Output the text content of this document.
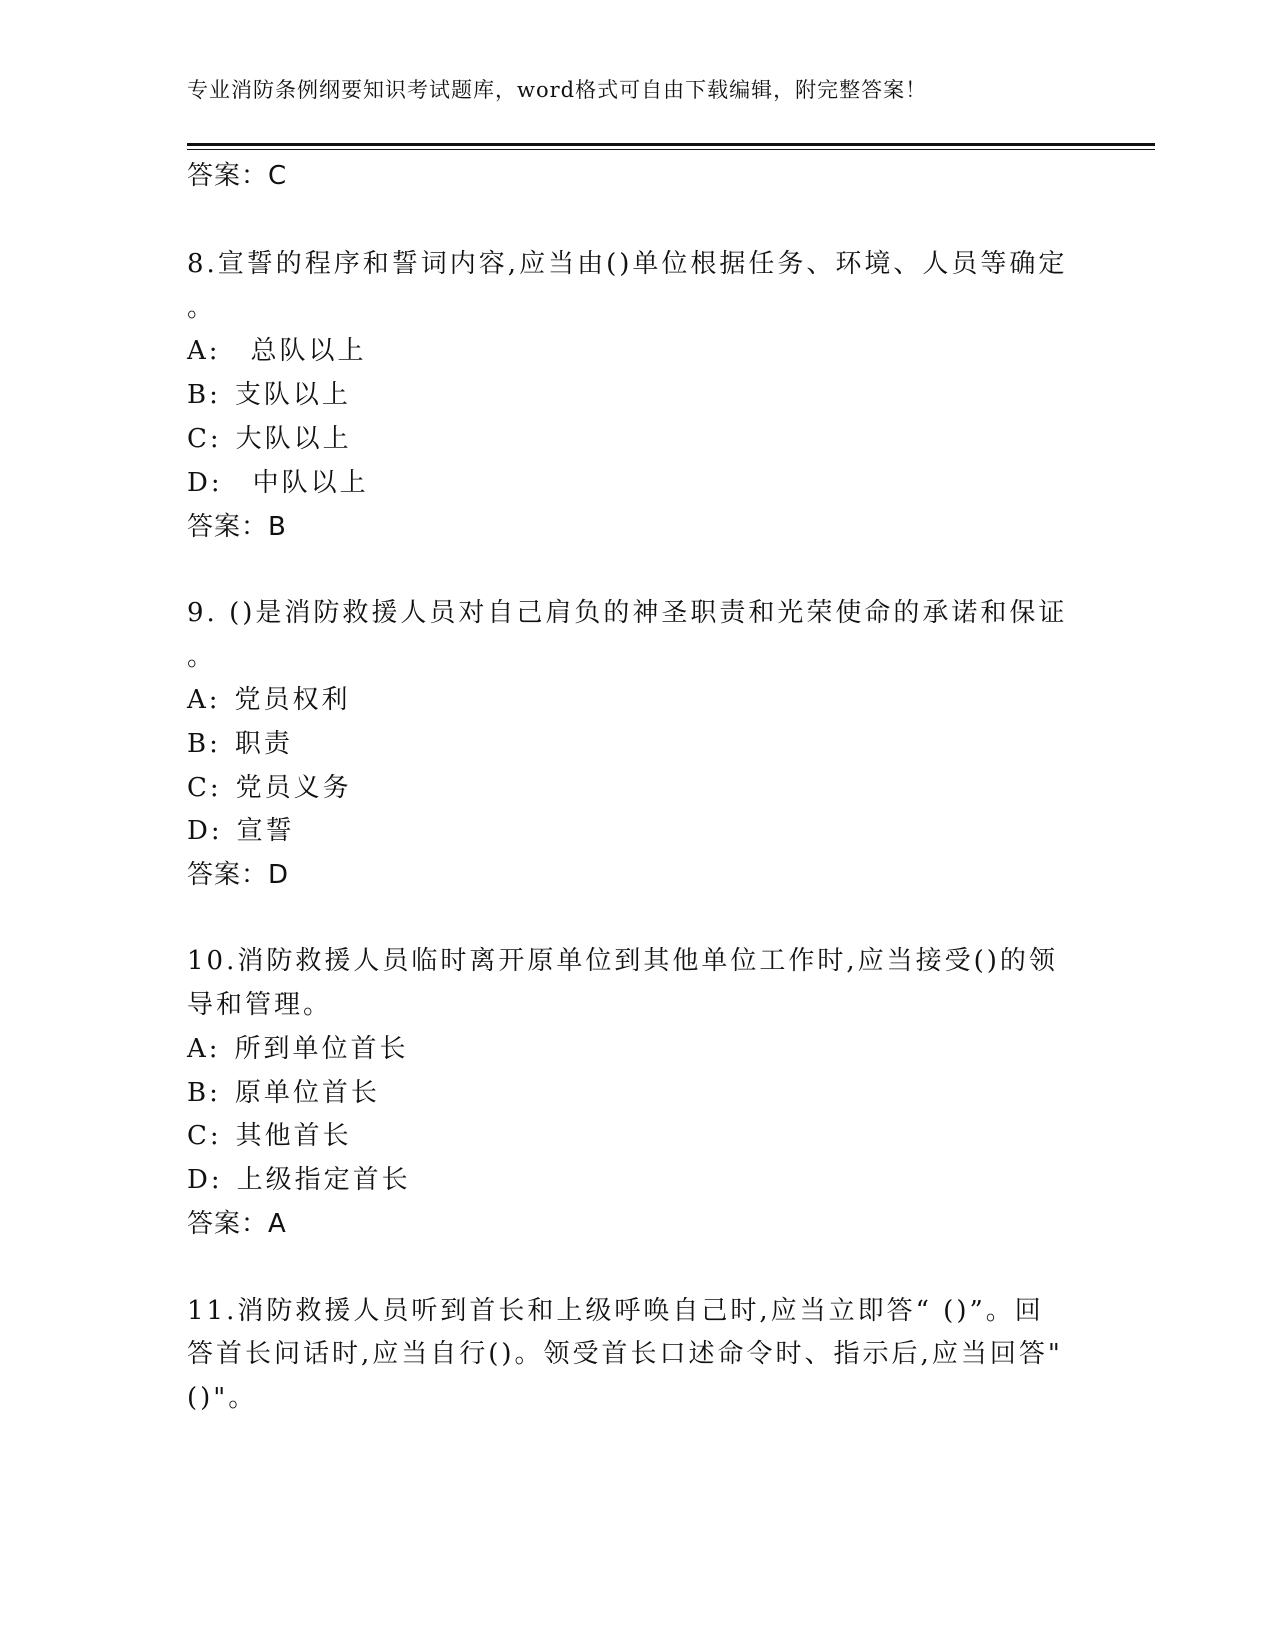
专业消防条例纲要知识考试题库，word格式可自由下载编辑，附完整答案！
答案：C
8.宣誓的程序和誓词内容,应当由()单位根据任务、环境、人员等确定
。
A: 总队以上
B: 支队以上
C: 大队以上
D: 中队以上
答案：B
9. ()是消防救援人员对自己肩负的神圣职责和光荣使命的承诺和保证
。
A: 党员权利
B: 职责
C: 党员义务
D: 宣誓
答案：D
10.消防救援人员临时离开原单位到其他单位工作时,应当接受()的领
导和管理。
A: 所到单位首长
B: 原单位首长
C: 其他首长
D: 上级指定首长
答案：A
11.消防救援人员听到首长和上级呼唤自己时,应当立即答“ ()”。回
答首长问话时,应当自行()。领受首长口述命令时、指示后,应当回答"
()"。
